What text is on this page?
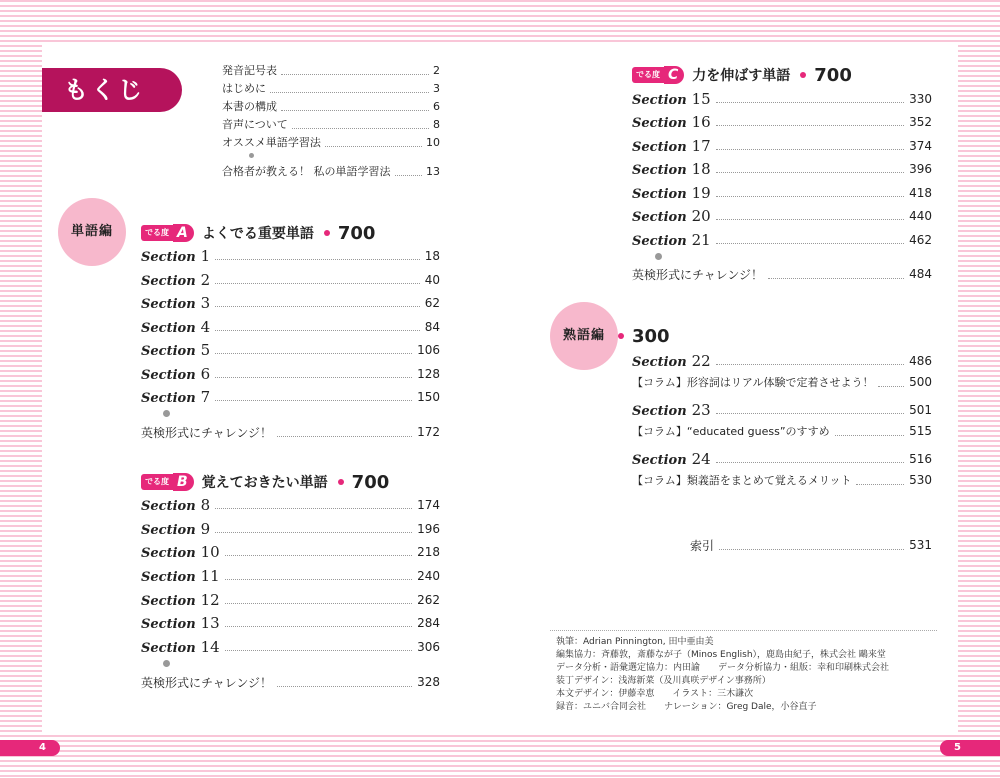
もくじ
発音記号表	2
はじめに	3
本書の構成	6
音声について	8
オススメ単語学習法	10
合格者が教える！ 私の単語学習法	13
単語編	でる度 A	よくでる重要単語 700
Section 1	18
Section 2	40
Section 3	62
Section 4	84
Section 5	106
Section 6	128
Section 7	150
英検形式にチャレンジ！	172
でる度 B	覚えておきたい単語 700
Section 8	174
Section 9	196
Section 10	218
Section 11	240
Section 12	262
Section 13	284
Section 14	306
英検形式にチャレンジ！	328
でる度 C	力を伸ばす単語 700
Section 15	330
Section 16	352
Section 17	374
Section 18	396
Section 19	418
Section 20	440
Section 21	462
英検形式にチャレンジ！	484
熟語編	300
Section 22	486
【コラム】形容詞はリアル体験で定着させよう！	500
Section 23	501
【コラム】“educated guess”のすすめ	515
Section 24	516
【コラム】類義語をまとめて覚えるメリット	530
索引	531
執筆：Adrian Pinnington, 田中亜由美
編集協力：斉藤敦，斎藤なが子（Minos English），鹿島由紀子，株式会社 鷗来堂
データ分析・語彙選定協力：内田諭　　データ分析協力・組版：幸和印刷株式会社
装丁デザイン：浅海新菜（及川真咲デザイン事務所）
本文デザイン：伊藤幸恵　　イラスト：三木謙次
録音：ユニバ合同会社　　ナレーション：Greg Dale，小谷直子
4	5
